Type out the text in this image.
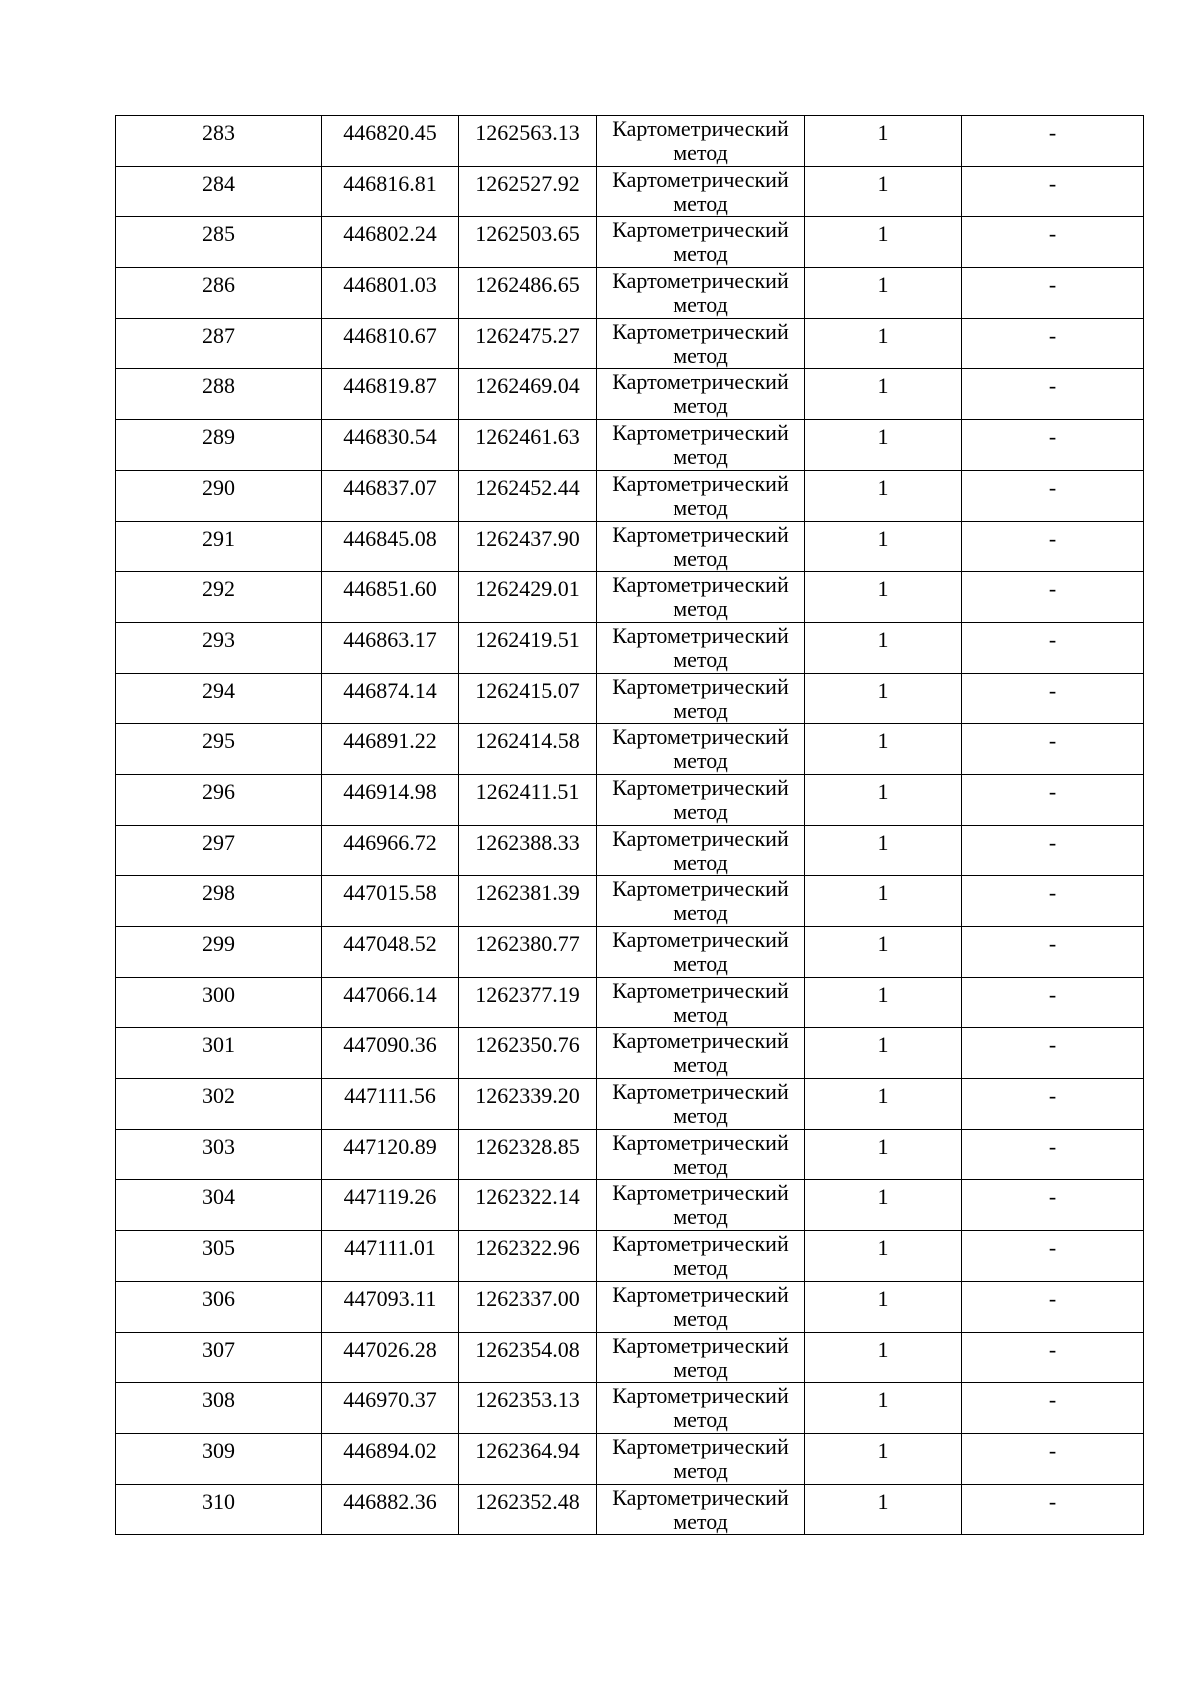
283	446820.45	1262563.13	Картометрический метод	1	-

284	446816.81	1262527.92	Картометрический метод	1	-

285	446802.24	1262503.65	Картометрический метод	1	-

286	446801.03	1262486.65	Картометрический метод	1	-

287	446810.67	1262475.27	Картометрический метод	1	-

288	446819.87	1262469.04	Картометрический метод	1	-

289	446830.54	1262461.63	Картометрический метод	1	-

290	446837.07	1262452.44	Картометрический метод	1	-

291	446845.08	1262437.90	Картометрический метод	1	-

292	446851.60	1262429.01	Картометрический метод	1	-

293	446863.17	1262419.51	Картометрический метод	1	-

294	446874.14	1262415.07	Картометрический метод	1	-

295	446891.22	1262414.58	Картометрический метод	1	-

296	446914.98	1262411.51	Картометрический метод	1	-

297	446966.72	1262388.33	Картометрический метод	1	-

298	447015.58	1262381.39	Картометрический метод	1	-

299	447048.52	1262380.77	Картометрический метод	1	-

300	447066.14	1262377.19	Картометрический метод	1	-

301	447090.36	1262350.76	Картометрический метод	1	-

302	447111.56	1262339.20	Картометрический метод	1	-

303	447120.89	1262328.85	Картометрический метод	1	-

304	447119.26	1262322.14	Картометрический метод	1	-

305	447111.01	1262322.96	Картометрический метод	1	-

306	447093.11	1262337.00	Картометрический метод	1	-

307	447026.28	1262354.08	Картометрический метод	1	-

308	446970.37	1262353.13	Картометрический метод	1	-

309	446894.02	1262364.94	Картометрический метод	1	-

310	446882.36	1262352.48	Картометрический метод	1	-
